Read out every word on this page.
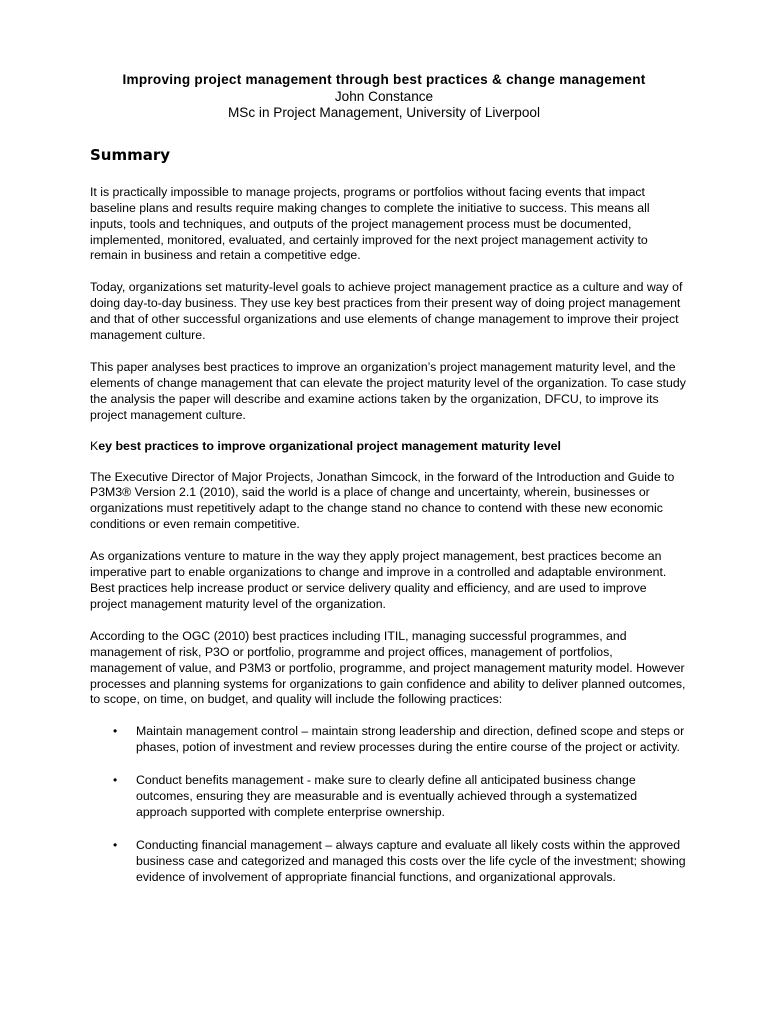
Improving project management through best practices & change management
John Constance
MSc in Project Management, University of Liverpool
Summary

It is practically impossible to manage projects, programs or portfolios without facing events that impact baseline plans and results require making changes to complete the initiative to success. This means all inputs, tools and techniques, and outputs of the project management process must be documented, implemented, monitored, evaluated, and certainly improved for the next project management activity to remain in business and retain a competitive edge.

Today, organizations set maturity-level goals to achieve project management practice as a culture and way of doing day-to-day business. They use key best practices from their present way of doing project management and that of other successful organizations and use elements of change management to improve their project management culture.

This paper analyses best practices to improve an organization’s project management maturity level, and the elements of change management that can elevate the project maturity level of the organization. To case study the analysis the paper will describe and examine actions taken by the organization, DFCU, to improve its project management culture.

Key best practices to improve organizational project management maturity level

The Executive Director of Major Projects, Jonathan Simcock, in the forward of the Introduction and Guide to P3M3® Version 2.1 (2010), said the world is a place of change and uncertainty, wherein, businesses or organizations must repetitively adapt to the change stand no chance to contend with these new economic conditions or even remain competitive.

As organizations venture to mature in the way they apply project management, best practices become an imperative part to enable organizations to change and improve in a controlled and adaptable environment. Best practices help increase product or service delivery quality and efficiency, and are used to improve project management maturity level of the organization.

According to the OGC (2010) best practices including ITIL, managing successful programmes, and management of risk, P3O or portfolio, programme and project offices, management of portfolios, management of value, and P3M3 or portfolio, programme, and project management maturity model. However processes and planning systems for organizations to gain confidence and ability to deliver planned outcomes, to scope, on time, on budget, and quality will include the following practices:

• Maintain management control – maintain strong leadership and direction, defined scope and steps or phases, potion of investment and review processes during the entire course of the project or activity.
• Conduct benefits management - make sure to clearly define all anticipated business change outcomes, ensuring they are measurable and is eventually achieved through a systematized approach supported with complete enterprise ownership.
• Conducting financial management – always capture and evaluate all likely costs within the approved business case and categorized and managed this costs over the life cycle of the investment; showing evidence of involvement of appropriate financial functions, and organizational approvals.
